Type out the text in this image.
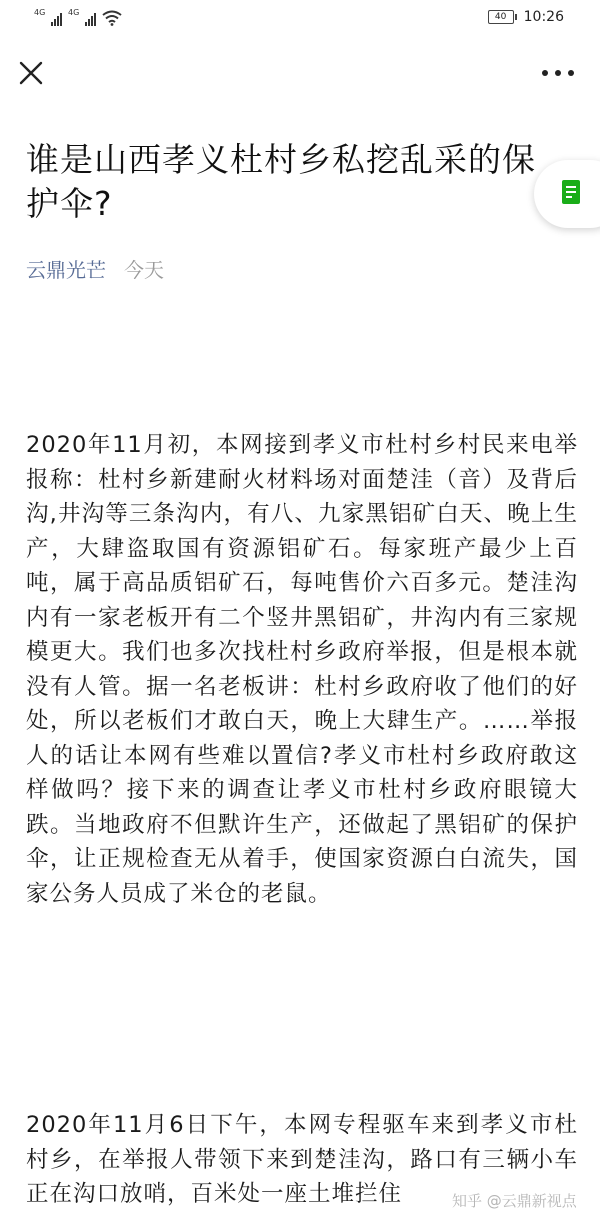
4G	4G	40	10:26
谁是山西孝义杜村乡私挖乱采的保护伞?
云鼎光芒 今天

2020年11月初，本网接到孝义市杜村乡村民来电举报称：杜村乡新建耐火材料场对面楚洼（音）及背后沟,井沟等三条沟内，有八、九家黑铝矿白天、晚上生产，大肆盗取国有资源铝矿石。每家班产最少上百吨，属于高品质铝矿石，每吨售价六百多元。楚洼沟内有一家老板开有二个竖井黑铝矿，井沟内有三家规模更大。我们也多次找杜村乡政府举报，但是根本就没有人管。据一名老板讲：杜村乡政府收了他们的好处，所以老板们才敢白天，晚上大肆生产。……举报人的话让本网有些难以置信?孝义市杜村乡政府敢这样做吗？接下来的调查让孝义市杜村乡政府眼镜大跌。当地政府不但默许生产，还做起了黑铝矿的保护伞，让正规检查无从着手，使国家资源白白流失，国家公务人员成了米仓的老鼠。

2020年11月6日下午，本网专程驱车来到孝义市杜村乡，在举报人带领下来到楚洼沟，路口有三辆小车正在沟口放哨，百米处一座土堆拦住	知乎 @云鼎新视点
